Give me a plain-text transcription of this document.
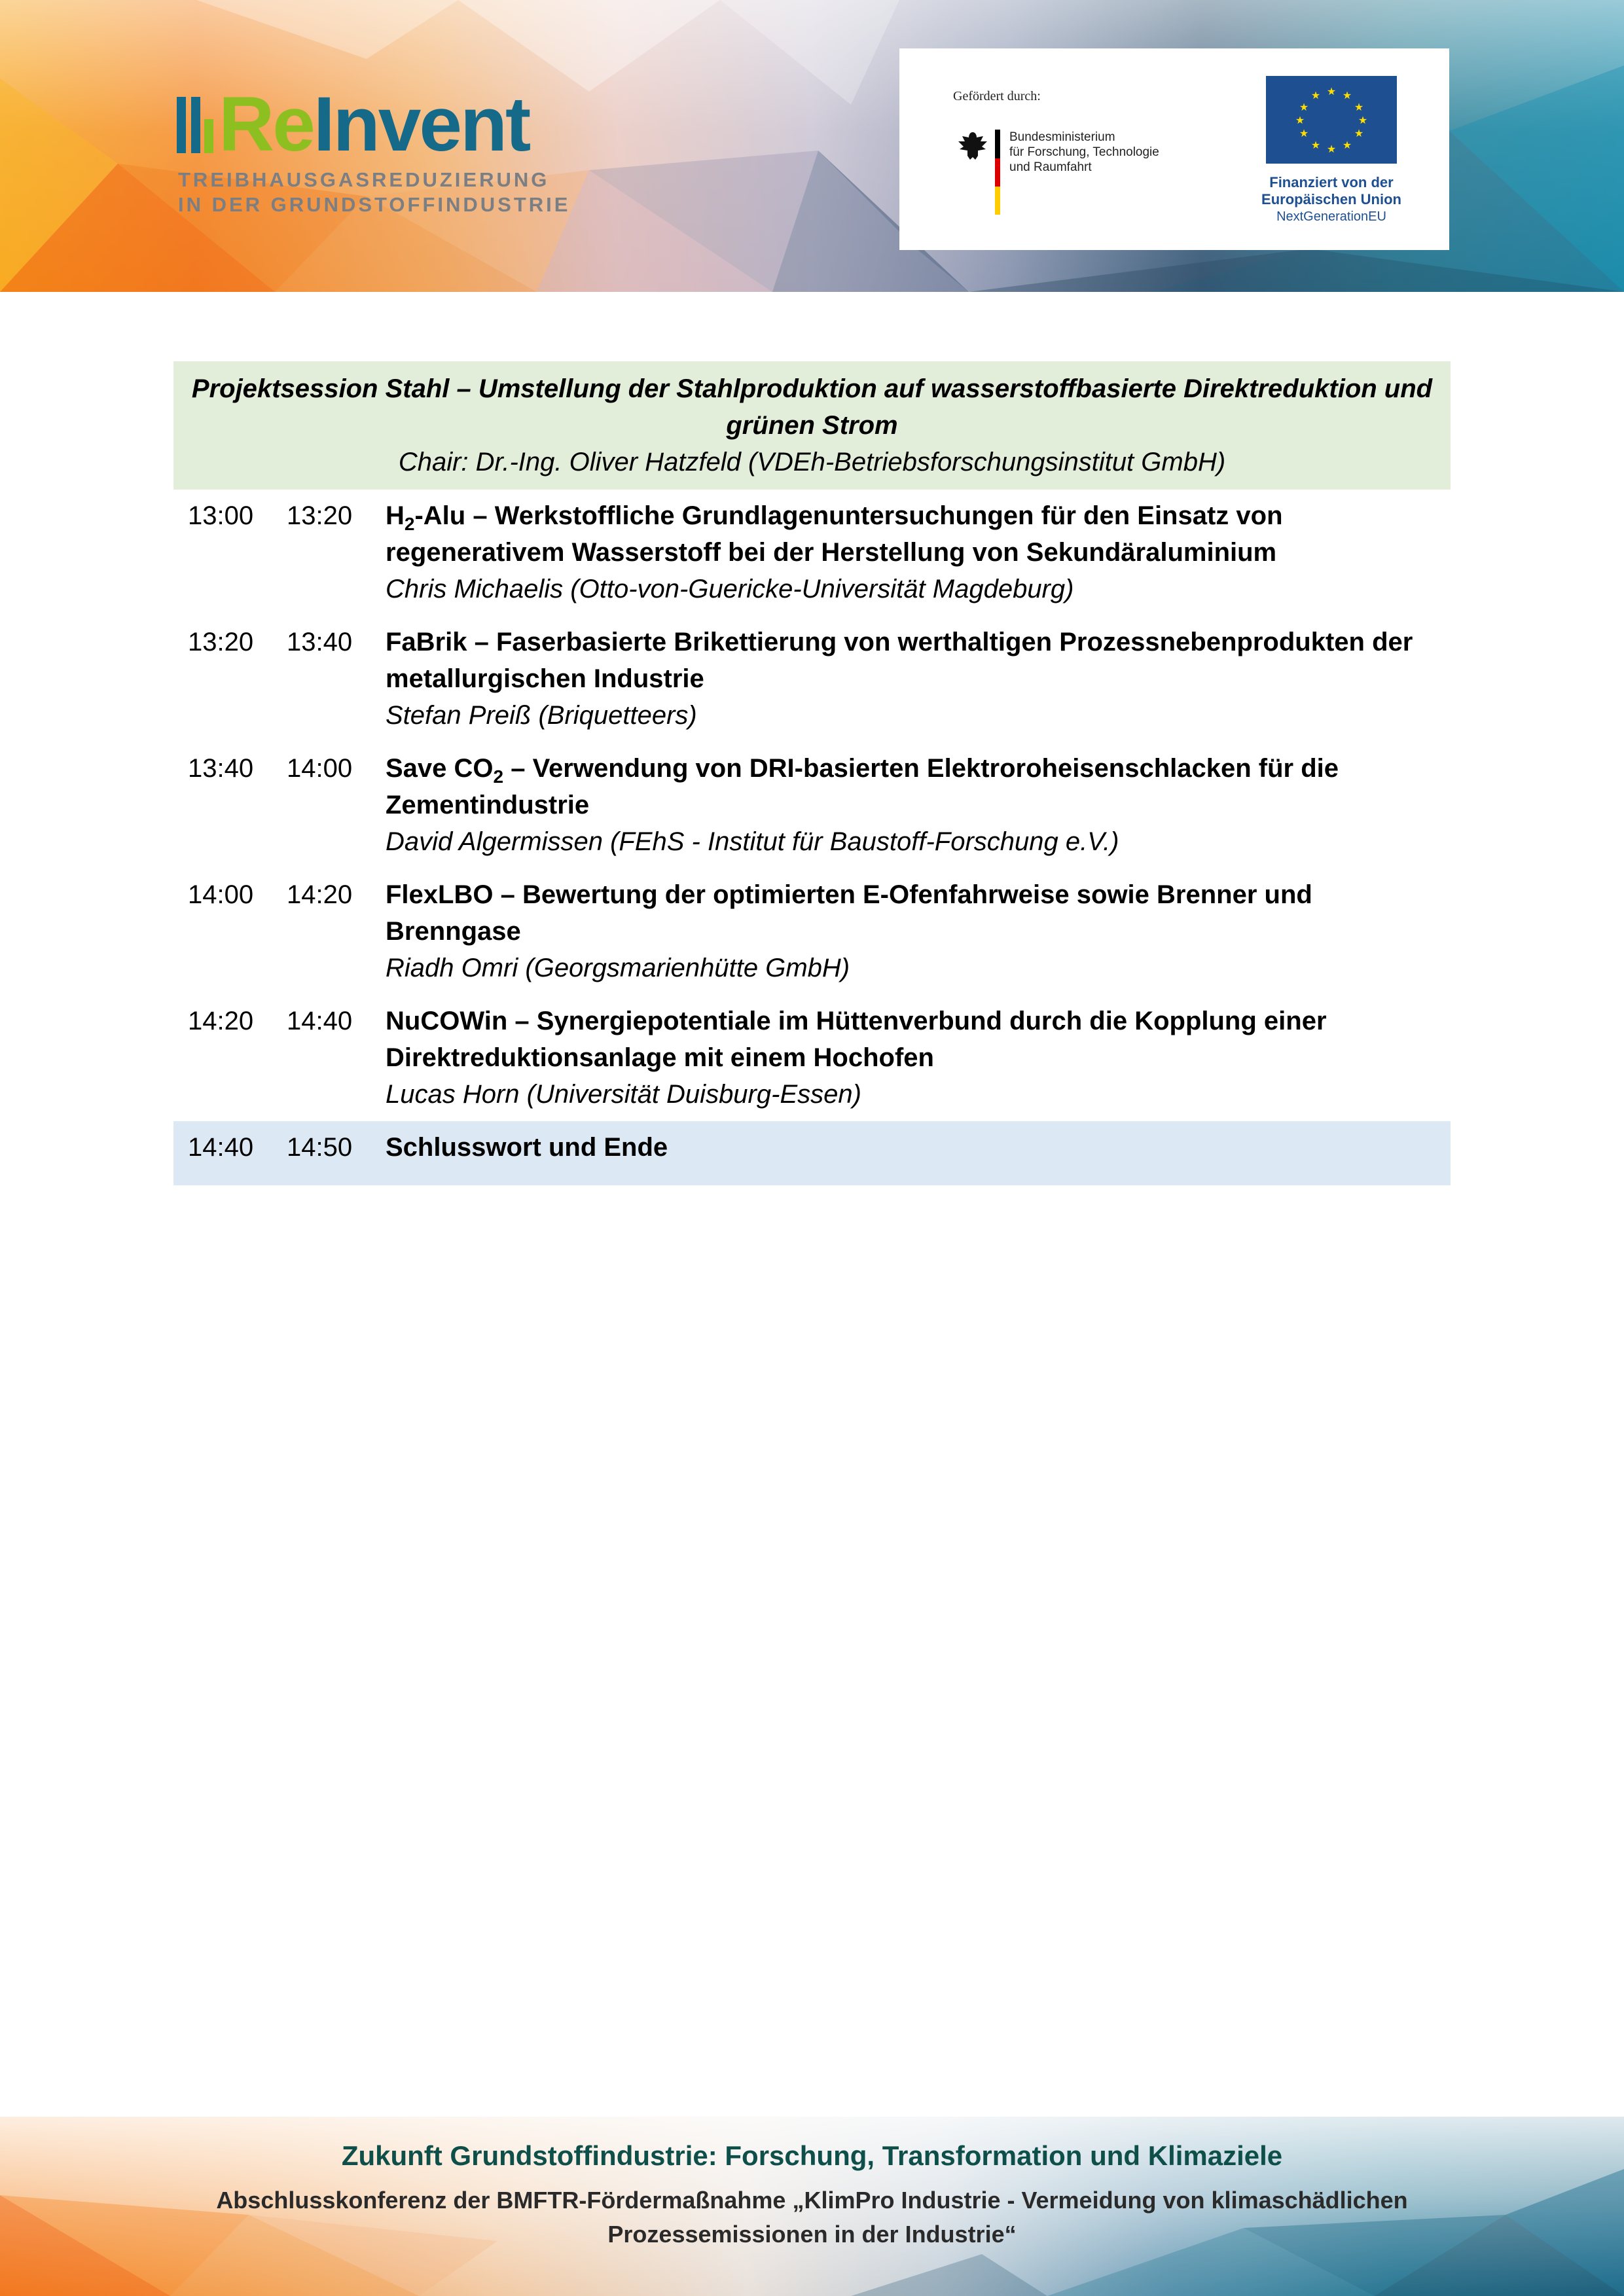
ReInvent
TREIBHAUSGASREDUZIERUNG
IN DER GRUNDSTOFFINDUSTRIE
Gefördert durch:
Bundesministerium
für Forschung, Technologie
und Raumfahrt
★ ★
★
★
★
★
★
★
★
★
★
★
Finanziert von der
Europäischen Union
NextGenerationEU
Projektsession Stahl – Umstellung der Stahlproduktion auf wasserstoffbasierte Direktreduktion und grünen Strom
Chair: Dr.-Ing. Oliver Hatzfeld (VDEh-Betriebsforschungsinstitut GmbH)
13:00 13:20 $H_2$-Alu – Werkstoffliche Grundlagenuntersuchungen für den Einsatz von regenerativem Wasserstoff bei der Herstellung von Sekundäraluminium
Chris Michaelis (Otto-von-Guericke-Universität Magdeburg)
13:20 13:40 FaBrik – Faserbasierte Brikettierung von werthaltigen Prozessnebenprodukten der metallurgischen Industrie
Stefan Preiß (Briquetteers)
13:40 14:00 Save $CO_2$ – Verwendung von DRI-basierten Elektroroheisenschlacken für die Zementindustrie
David Algermissen (FEhS - Institut für Baustoff-Forschung e.V.)
14:00 14:20 FlexLBO – Bewertung der optimierten E-Ofenfahrweise sowie Brenner und Brenngase
Riadh Omri (Georgsmarienhütte GmbH)
14:20 14:40 NuCOWin – Synergiepotentiale im Hüttenverbund durch die Kopplung einer Direktreduktionsanlage mit einem Hochofen
Lucas Horn (Universität Duisburg-Essen)
14:40 14:50 Schlusswort und Ende
Zukunft Grundstoffindustrie: Forschung, Transformation und Klimaziele
Abschlusskonferenz der BMFTR-Fördermaßnahme „KlimPro Industrie - Vermeidung von klimaschädlichen
Prozessemissionen in der Industrie“
